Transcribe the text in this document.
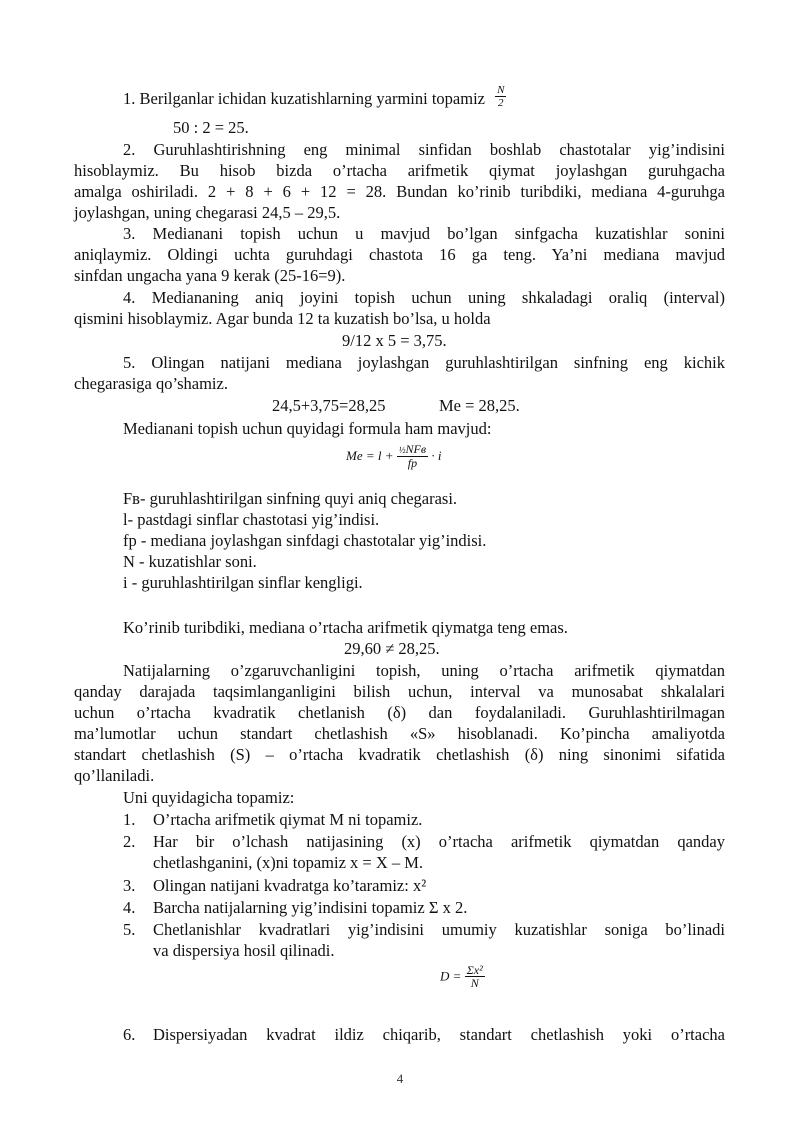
1. Berilganlar ichidan kuzatishlarning yarmini topamiz $\frac{N}{2}$
50 : 2 = 25.
2. Guruhlashtirishning eng minimal sinfidan boshlab chastotalar yig’indisini
hisoblaymiz. Bu hisob bizda o’rtacha arifmetik qiymat joylashgan guruhgacha
amalga oshiriladi. 2 + 8 + 6 + 12 = 28. Bundan ko’rinib turibdiki, mediana 4-guruhga
joylashgan, uning chegarasi 24,5 – 29,5.
3. Medianani topish uchun u mavjud bo’lgan sinfgacha kuzatishlar sonini
aniqlaymiz. Oldingi uchta guruhdagi chastota 16 ga teng. Ya’ni mediana mavjud
sinfdan ungacha yana 9 kerak (25-16=9).
4. Mediananing aniq joyini topish uchun uning shkaladagi oraliq (interval)
qismini hisoblaymiz. Agar bunda 12 ta kuzatish bo’lsa, u holda
9/12 x 5 = 3,75.
5. Olingan natijani mediana joylashgan guruhlashtirilgan sinfning eng kichik
chegarasiga qo’shamiz.
24,5+3,75=28,25	Me = 28,25.
Medianani topish uchun quyidagi formula ham mavjud:
$Me = l + \frac{\text{½NFв}}{fp} \cdot i$
Fв- guruhlashtirilgan sinfning quyi aniq chegarasi.
l- pastdagi sinflar chastotasi yig’indisi.
fp - mediana joylashgan sinfdagi chastotalar yig’indisi.
N - kuzatishlar soni.
i - guruhlashtirilgan sinflar kengligi.
Ko’rinib turibdiki, mediana o’rtacha arifmetik qiymatga teng emas.
29,60 ≠ 28,25.
Natijalarning o’zgaruvchanligini topish, uning o’rtacha arifmetik qiymatdan
qanday darajada taqsimlanganligini bilish uchun, interval va munosabat shkalalari
uchun o’rtacha kvadratik chetlanish (δ) dan foydalaniladi. Guruhlashtirilmagan
ma’lumotlar uchun standart chetlashish «S» hisoblanadi. Ko’pincha amaliyotda
standart chetlashish (S) – o’rtacha kvadratik chetlashish (δ) ning sinonimi sifatida
qo’llaniladi.
Uni quyidagicha topamiz:
1. O’rtacha arifmetik qiymat M ni topamiz.
2.	Har bir o’lchash natijasining (x) o’rtacha arifmetik qiymatdan qanday
chetlashganini, (x)ni topamiz x = X – M.
3. Olingan natijani kvadratga ko’taramiz: x²
4. Barcha natijalarning yig’indisini topamiz Σ x 2.
5.	Chetlanishlar kvadratlari yig’indisini umumiy kuzatishlar soniga bo’linadi
va dispersiya hosil qilinadi.
$D = \frac{\text{Σx²}}{N}$
6.	Dispersiyadan kvadrat ildiz chiqarib, standart chetlashish yoki o’rtacha
4
